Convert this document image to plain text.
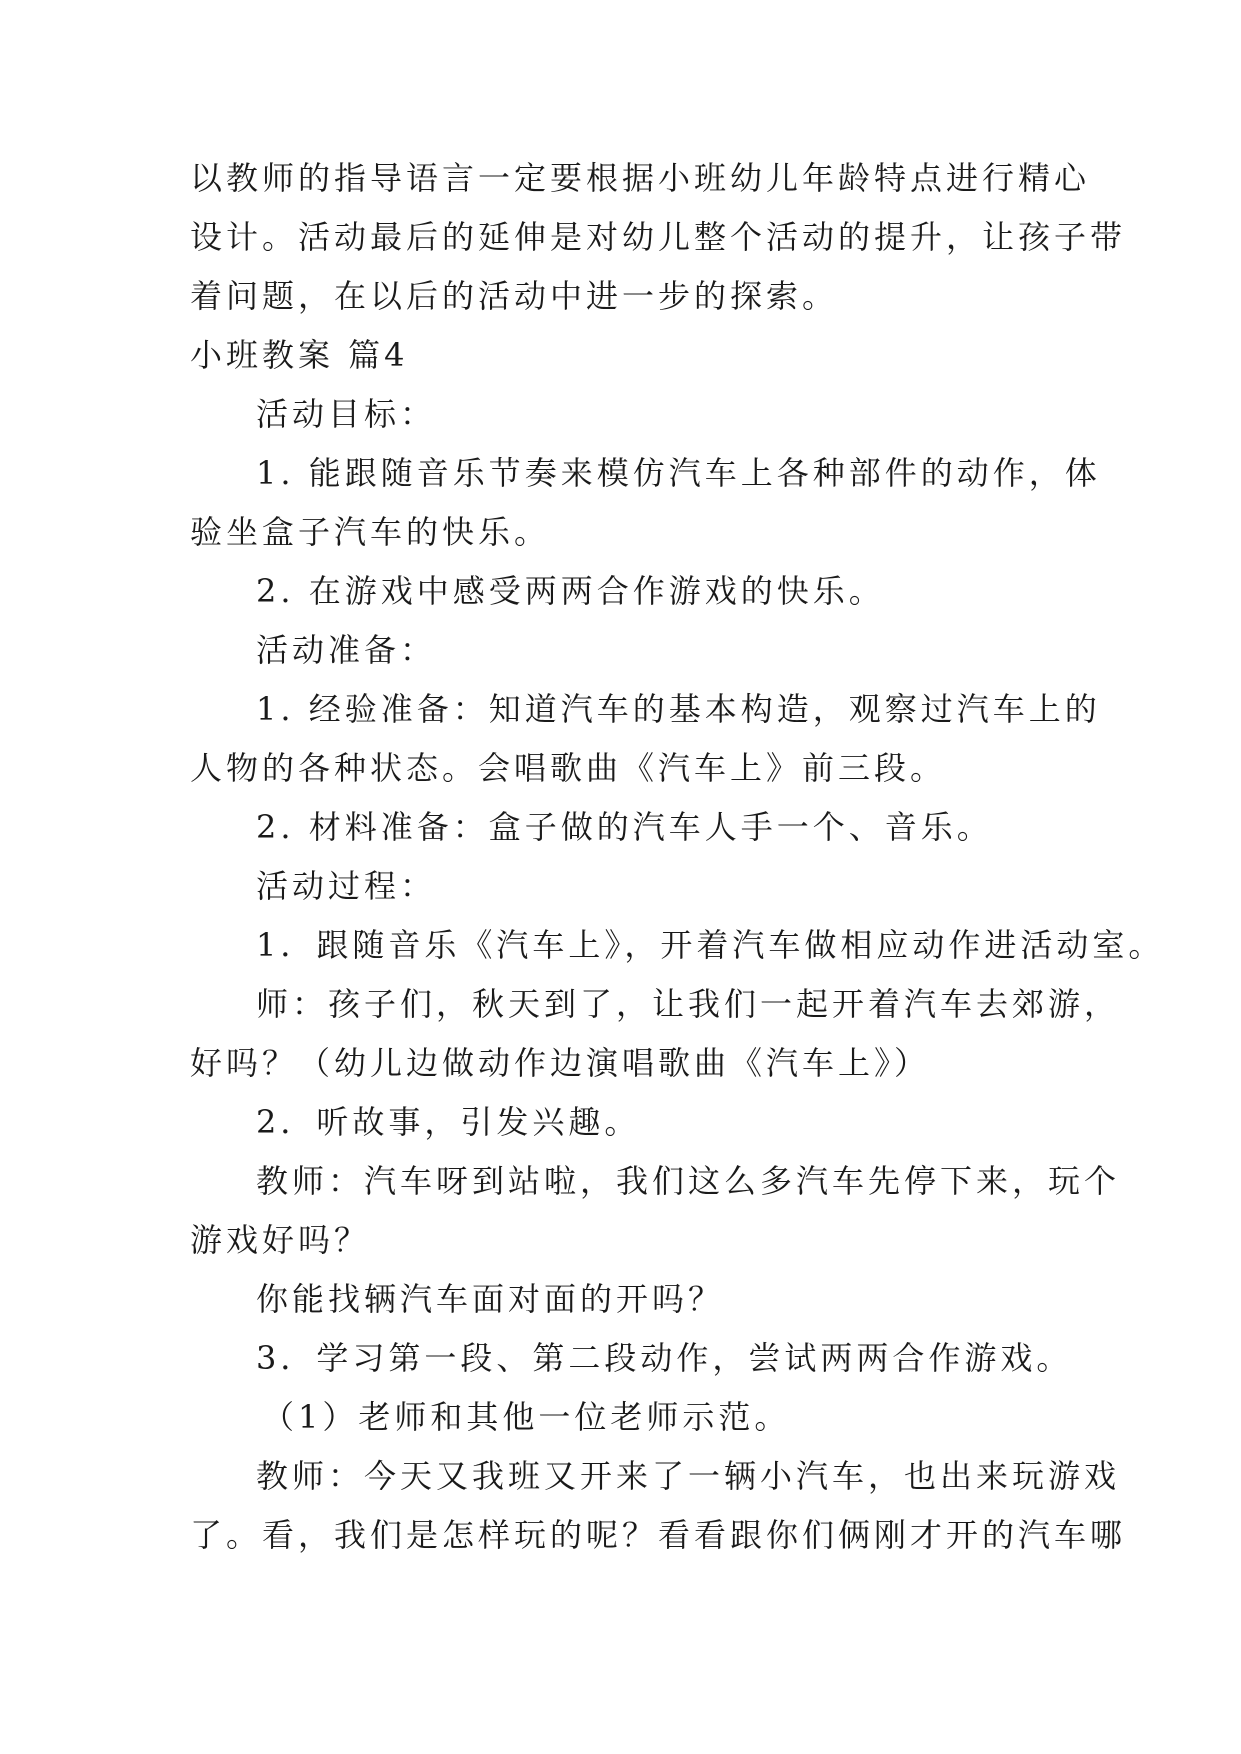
以教师的指导语言一定要根据小班幼儿年龄特点进行精心
设计。活动最后的延伸是对幼儿整个活动的提升，让孩子带
着问题，在以后的活动中进一步的探索。
小班教案 篇4
活动目标：
1. 能跟随音乐节奏来模仿汽车上各种部件的动作，体
验坐盒子汽车的快乐。
2. 在游戏中感受两两合作游戏的快乐。
活动准备：
1. 经验准备：知道汽车的基本构造，观察过汽车上的
人物的各种状态。会唱歌曲《汽车上》前三段。
2. 材料准备：盒子做的汽车人手一个、音乐。
活动过程：
1．跟随音乐《汽车上》，开着汽车做相应动作进活动室。
师：孩子们，秋天到了，让我们一起开着汽车去郊游，
好吗？（幼儿边做动作边演唱歌曲《汽车上》）
2．听故事，引发兴趣。
教师：汽车呀到站啦，我们这么多汽车先停下来，玩个
游戏好吗？
你能找辆汽车面对面的开吗？
3．学习第一段、第二段动作，尝试两两合作游戏。
（1）老师和其他一位老师示范。
教师：今天又我班又开来了一辆小汽车，也出来玩游戏
了。看，我们是怎样玩的呢？看看跟你们俩刚才开的汽车哪
